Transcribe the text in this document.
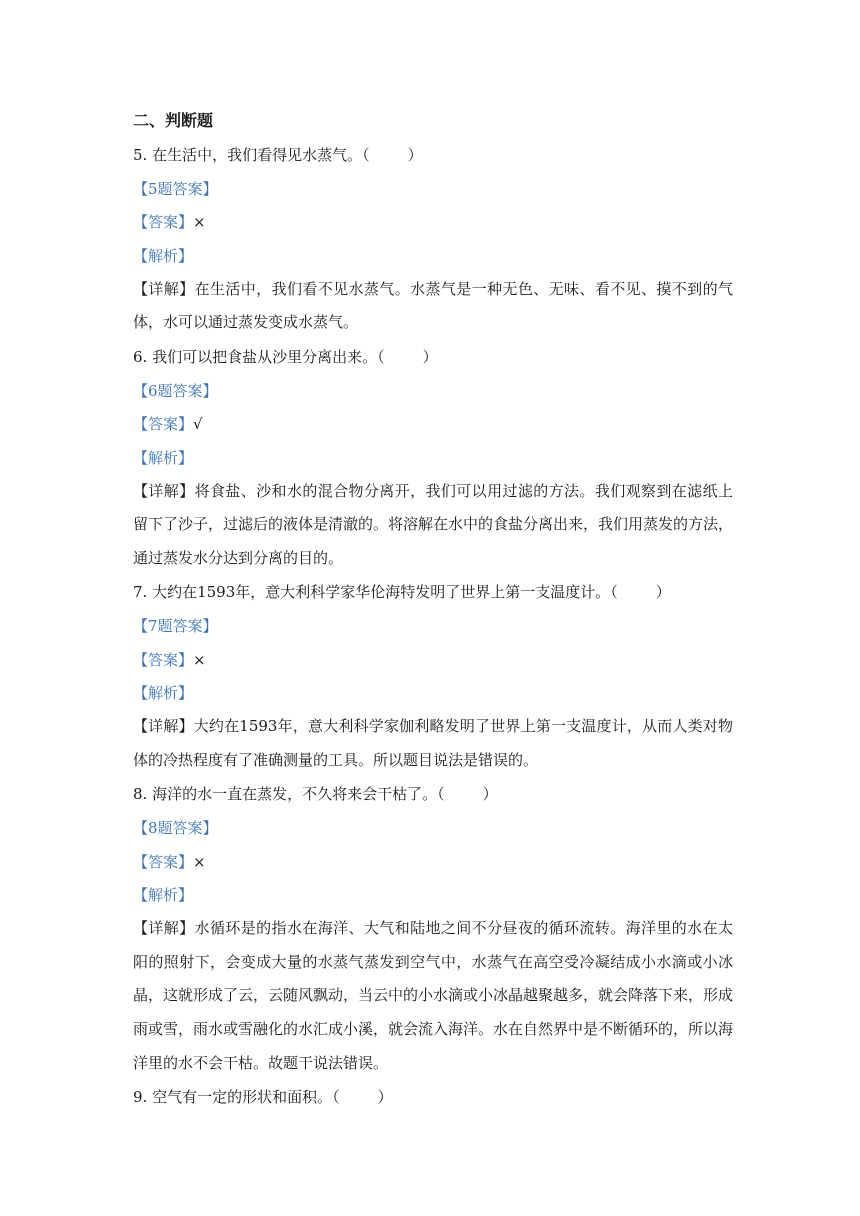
二、判断题
5. 在生活中，我们看得见水蒸气。（	）
【5题答案】
【答案】×
【解析】
【详解】在生活中，我们看不见水蒸气。水蒸气是一种无色、无味、看不见、摸不到的气体，水可以通过蒸发变成水蒸气。
6. 我们可以把食盐从沙里分离出来。（	）
【6题答案】
【答案】√
【解析】
【详解】将食盐、沙和水的混合物分离开，我们可以用过滤的方法。我们观察到在滤纸上留下了沙子，过滤后的液体是清澈的。将溶解在水中的食盐分离出来，我们用蒸发的方法，通过蒸发水分达到分离的目的。
7. 大约在1593年，意大利科学家华伦海特发明了世界上第一支温度计。（	）
【7题答案】
【答案】×
【解析】
【详解】大约在1593年，意大利科学家伽利略发明了世界上第一支温度计，从而人类对物体的冷热程度有了准确测量的工具。所以题目说法是错误的。
8. 海洋的水一直在蒸发，不久将来会干枯了。（	）
【8题答案】
【答案】×
【解析】
【详解】水循环是的指水在海洋、大气和陆地之间不分昼夜的循环流转。海洋里的水在太阳的照射下，会变成大量的水蒸气蒸发到空气中，水蒸气在高空受冷凝结成小水滴或小冰晶，这就形成了云，云随风飘动，当云中的小水滴或小冰晶越聚越多，就会降落下来，形成雨或雪，雨水或雪融化的水汇成小溪，就会流入海洋。水在自然界中是不断循环的，所以海洋里的水不会干枯。故题干说法错误。
9. 空气有一定的形状和面积。（	）
